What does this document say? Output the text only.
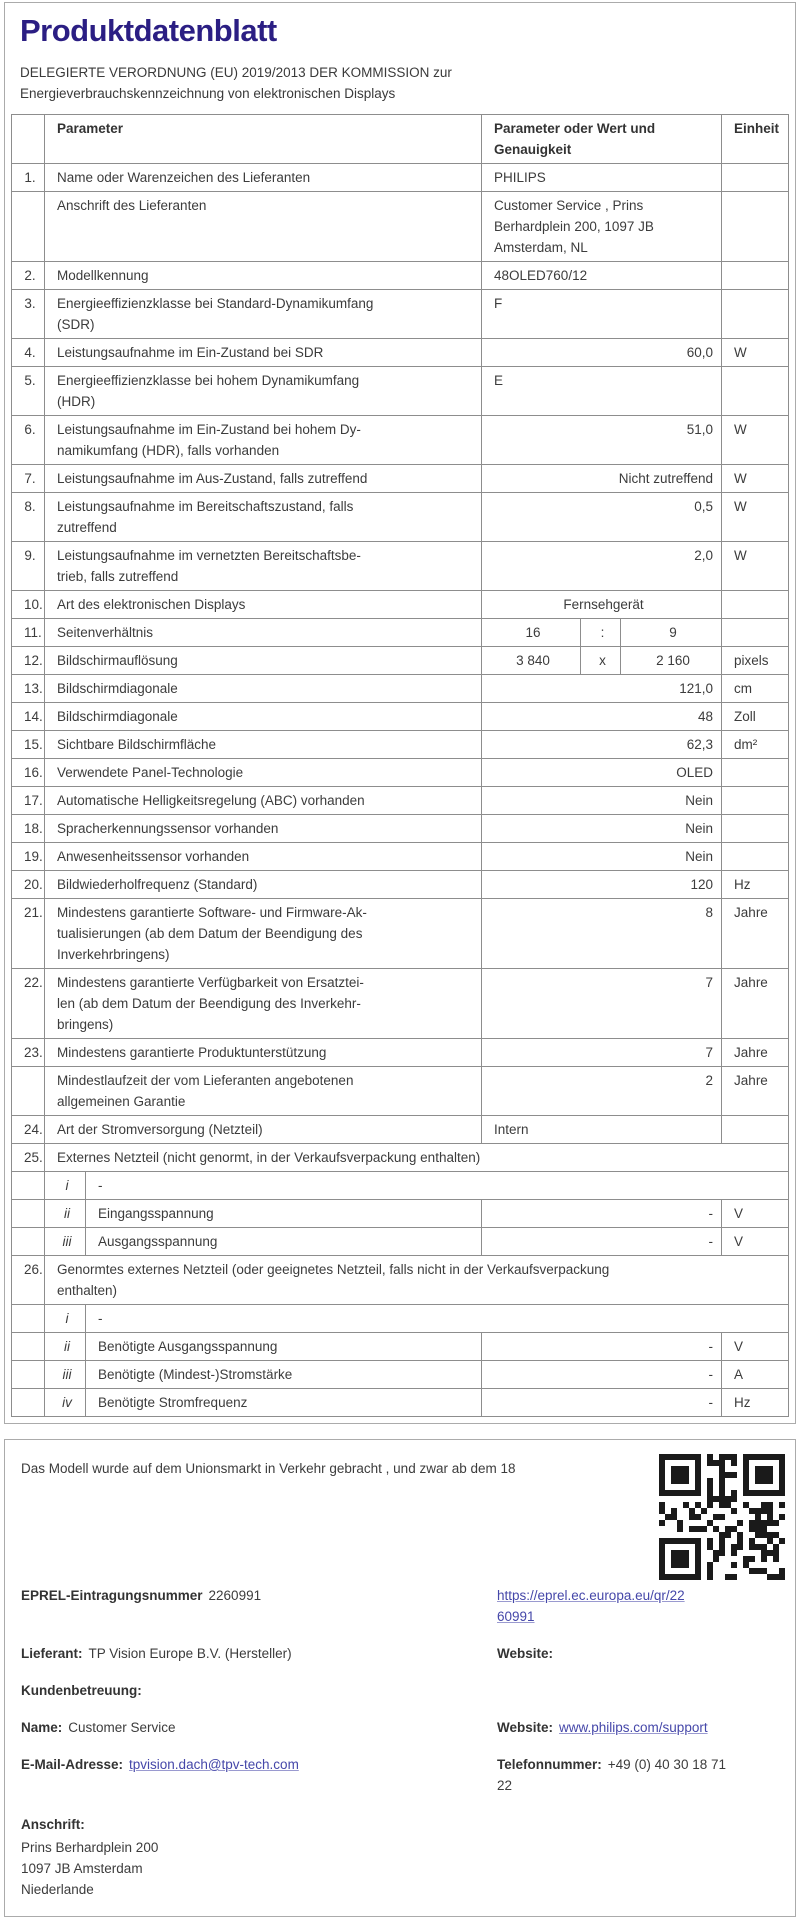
Produktdatenblatt

DELEGIERTE VERORDNUNG (EU) 2019/2013 DER KOMMISSION zur
Energieverbrauchskennzeichnung von elektronischen Displays

	Parameter		Parameter oder Wert und
Genauigkeit			Einheit
1.	Name oder Warenzeichen des Lieferanten		PHILIPS			
	Anschrift des Lieferanten		Customer Service , Prins
Berhardplein 200, 1097 JB
Amsterdam, NL			
2.	Modellkennung		48OLED760/12			
3.	Energieeffizienzklasse bei Standard-Dynamikumfang
(SDR)		F			
4.	Leistungsaufnahme im Ein-Zustand bei SDR		60,0			W
5.	Energieeffizienzklasse bei hohem Dynamikumfang
(HDR)		E			
6.	Leistungsaufnahme im Ein-Zustand bei hohem Dy-
namikumfang (HDR), falls vorhanden		51,0			W
7.	Leistungsaufnahme im Aus-Zustand, falls zutreffend		Nicht zutreffend			W
8.	Leistungsaufnahme im Bereitschaftszustand, falls
zutreffend		0,5			W
9.	Leistungsaufnahme im vernetzten Bereitschaftsbe-
trieb, falls zutreffend		2,0			W
10.	Art des elektronischen Displays		Fernsehgerät			
11.	Seitenverhältnis		16	:	9	
12.	Bildschirmauflösung		3 840	x	2 160	pixels
13.	Bildschirmdiagonale		121,0			cm
14.	Bildschirmdiagonale		48			Zoll
15.	Sichtbare Bildschirmfläche		62,3			dm²
16.	Verwendete Panel-Technologie		OLED			
17.	Automatische Helligkeitsregelung (ABC) vorhanden		Nein			
18.	Spracherkennungssensor vorhanden		Nein			
19.	Anwesenheitssensor vorhanden		Nein			
20.	Bildwiederholfrequenz (Standard)		120			Hz
21.	Mindestens garantierte Software- und Firmware-Ak-
tualisierungen (ab dem Datum der Beendigung des
Inverkehrbringens)		8			Jahre
22.	Mindestens garantierte Verfügbarkeit von Ersatztei-
len (ab dem Datum der Beendigung des Inverkehr-
bringens)		7			Jahre
23.	Mindestens garantierte Produktunterstützung		7			Jahre
	Mindestlaufzeit der vom Lieferanten angebotenen
allgemeinen Garantie		2			Jahre
24.	Art der Stromversorgung (Netzteil)		Intern			
25.	Externes Netzteil (nicht genormt, in der Verkaufsverpackung enthalten)					
	i	-				
	ii	Eingangsspannung	-			V
	iii	Ausgangsspannung	-			V
26.	Genormtes externes Netzteil (oder geeignetes Netzteil, falls nicht in der Verkaufsverpackung
enthalten)					
	i	-				
	ii	Benötigte Ausgangsspannung	-			V
	iii	Benötigte (Mindest-)Stromstärke	-			A
	iv	Benötigte Stromfrequenz	-			Hz

Das Modell wurde auf dem Unionsmarkt in Verkehr gebracht , und zwar ab dem 18

EPREL-Eintragungsnummer 2260991	https://eprel.ec.europa.eu/qr/22
60991
Lieferant: TP Vision Europe B.V. (Hersteller)	Website:
Kundenbetreuung:
Name: Customer Service	Website: www.philips.com/support
E-Mail-Adresse: tpvision.dach@tpv-tech.com	Telefonnummer: +49 (0) 40 30 18 71
22
Anschrift:
Prins Berhardplein 200
1097 JB Amsterdam
Niederlande
